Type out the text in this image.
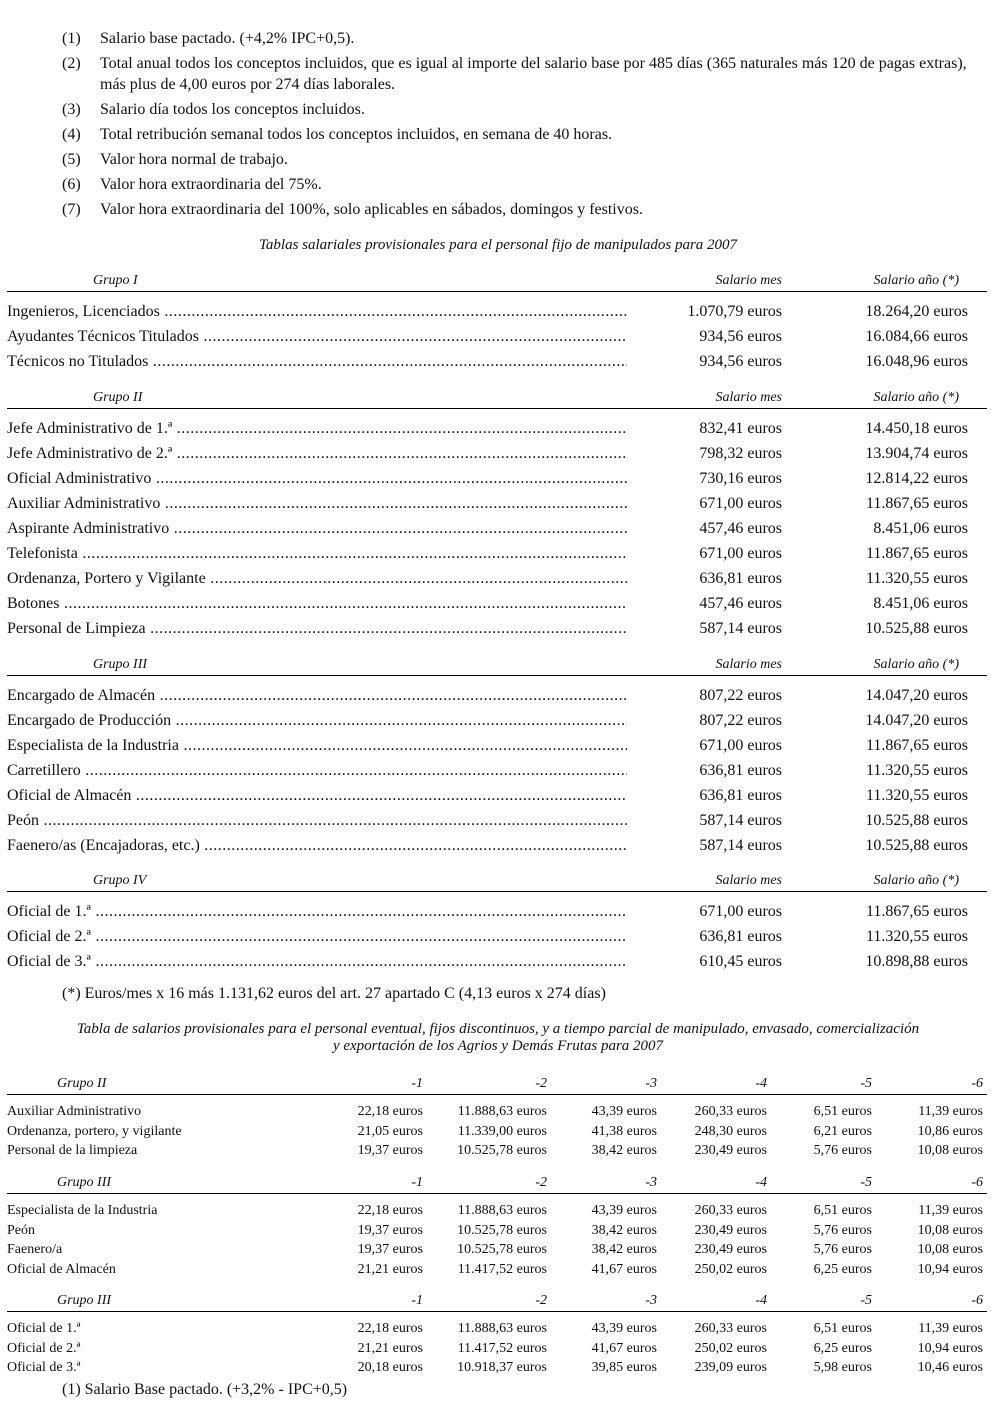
(1)	Salario base pactado. (+4,2% IPC+0,5).
(2)	Total anual todos los conceptos incluidos, que es igual al importe del salario base por 485 días (365 naturales más 120 de pagas extras), más plus de 4,00 euros por 274 días laborales.
(3)	Salario día todos los conceptos incluidos.
(4)	Total retribución semanal todos los conceptos incluidos, en semana de 40 horas.
(5)	Valor hora normal de trabajo.
(6)	Valor hora extraordinaria del 75%.
(7)	Valor hora extraordinaria del 100%, solo aplicables en sábados, domingos y festivos.
Tablas salariales provisionales para el personal fijo de manipulados para 2007
Grupo I	Salario mes	Salario año (*)
Ingenieros, Licenciados .....	1.070,79 euros	18.264,20 euros
Ayudantes Técnicos Titulados .....	934,56 euros	16.084,66 euros
Técnicos no Titulados .....	934,56 euros	16.048,96 euros
Grupo II	Salario mes	Salario año (*)
Jefe Administrativo de 1.ª .....	832,41 euros	14.450,18 euros
Jefe Administrativo de 2.ª .....	798,32 euros	13.904,74 euros
Oficial Administrativo .....	730,16 euros	12.814,22 euros
Auxiliar Administrativo .....	671,00 euros	11.867,65 euros
Aspirante Administrativo .....	457,46 euros	8.451,06 euros
Telefonista .....	671,00 euros	11.867,65 euros
Ordenanza, Portero y Vigilante .....	636,81 euros	11.320,55 euros
Botones .....	457,46 euros	8.451,06 euros
Personal de Limpieza .....	587,14 euros	10.525,88 euros
Grupo III	Salario mes	Salario año (*)
Encargado de Almacén .....	807,22 euros	14.047,20 euros
Encargado de Producción .....	807,22 euros	14.047,20 euros
Especialista de la Industria .....	671,00 euros	11.867,65 euros
Carretillero .....	636,81 euros	11.320,55 euros
Oficial de Almacén .....	636,81 euros	11.320,55 euros
Peón .....	587,14 euros	10.525,88 euros
Faenero/as (Encajadoras, etc.) .....	587,14 euros	10.525,88 euros
Grupo IV	Salario mes	Salario año (*)
Oficial de 1.ª .....	671,00 euros	11.867,65 euros
Oficial de 2.ª .....	636,81 euros	11.320,55 euros
Oficial de 3.ª .....	610,45 euros	10.898,88 euros
(*) Euros/mes x 16 más 1.131,62 euros del art. 27 apartado C (4,13 euros x 274 días)
Tabla de salarios provisionales para el personal eventual, fijos discontinuos, y a tiempo parcial de manipulado, envasado, comercialización
y exportación de los Agrios y Demás Frutas para 2007
Grupo II	-1	-2	-3	-4	-5	-6
Auxiliar Administrativo	22,18 euros	11.888,63 euros	43,39 euros	260,33 euros	6,51 euros	11,39 euros
Ordenanza, portero, y vigilante	21,05 euros	11.339,00 euros	41,38 euros	248,30 euros	6,21 euros	10,86 euros
Personal de la limpieza	19,37 euros	10.525,78 euros	38,42 euros	230,49 euros	5,76 euros	10,08 euros
Grupo III	-1	-2	-3	-4	-5	-6
Especialista de la Industria	22,18 euros	11.888,63 euros	43,39 euros	260,33 euros	6,51 euros	11,39 euros
Peón	19,37 euros	10.525,78 euros	38,42 euros	230,49 euros	5,76 euros	10,08 euros
Faenero/a	19,37 euros	10.525,78 euros	38,42 euros	230,49 euros	5,76 euros	10,08 euros
Oficial de Almacén	21,21 euros	11.417,52 euros	41,67 euros	250,02 euros	6,25 euros	10,94 euros
Grupo III	-1	-2	-3	-4	-5	-6
Oficial de 1.ª	22,18 euros	11.888,63 euros	43,39 euros	260,33 euros	6,51 euros	11,39 euros
Oficial de 2.ª	21,21 euros	11.417,52 euros	41,67 euros	250,02 euros	6,25 euros	10,94 euros
Oficial de 3.ª	20,18 euros	10.918,37 euros	39,85 euros	239,09 euros	5,98 euros	10,46 euros
(1) Salario Base pactado. (+3,2% - IPC+0,5)
